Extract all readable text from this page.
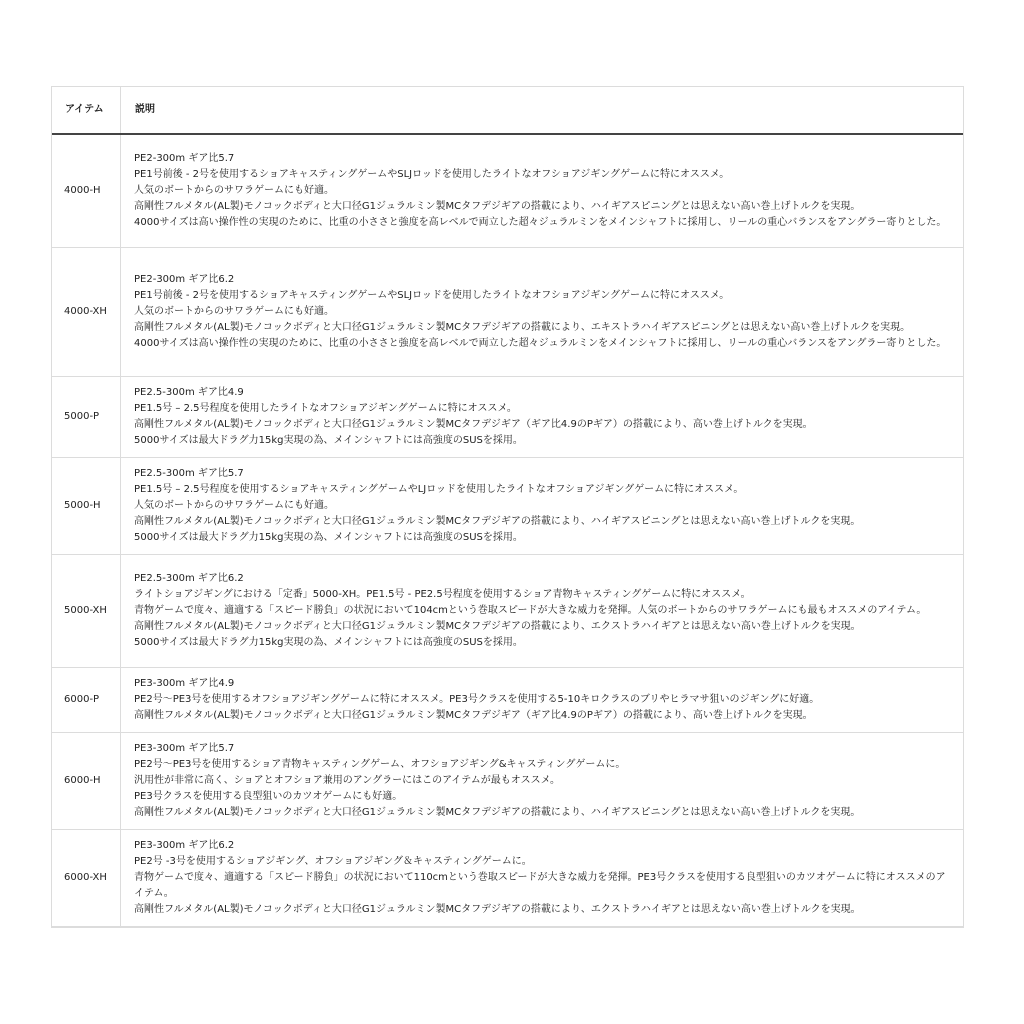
アイテム	説明

4000-H	PE2-300m ギア比5.7
PE1号前後 - 2号を使用するショアキャスティングゲームやSLJロッドを使用したライトなオフショアジギングゲームに特にオススメ。
人気のボートからのサワラゲームにも好適。
高剛性フルメタル(AL製)モノコックボディと大口径G1ジュラルミン製MCタフデジギアの搭載により、ハイギアスピニングとは思えない高い巻上げトルクを実現。
4000サイズは高い操作性の実現のために、比重の小ささと強度を高レベルで両立した超々ジュラルミンをメインシャフトに採用し、リールの重心バランスをアングラー寄りとした。

4000-XH	PE2-300m ギア比6.2
PE1号前後 - 2号を使用するショアキャスティングゲームやSLJロッドを使用したライトなオフショアジギングゲームに特にオススメ。
人気のボートからのサワラゲームにも好適。
高剛性フルメタル(AL製)モノコックボディと大口径G1ジュラルミン製MCタフデジギアの搭載により、エキストラハイギアスピニングとは思えない高い巻上げトルクを実現。
4000サイズは高い操作性の実現のために、比重の小ささと強度を高レベルで両立した超々ジュラルミンをメインシャフトに採用し、リールの重心バランスをアングラー寄りとした。

5000-P	PE2.5-300m ギア比4.9
PE1.5号 – 2.5号程度を使用したライトなオフショアジギングゲームに特にオススメ。
高剛性フルメタル(AL製)モノコックボディと大口径G1ジュラルミン製MCタフデジギア（ギア比4.9のPギア）の搭載により、高い巻上げトルクを実現。
5000サイズは最大ドラグ力15kg実現の為、メインシャフトには高強度のSUSを採用。

5000-H	PE2.5-300m ギア比5.7
PE1.5号 – 2.5号程度を使用するショアキャスティングゲームやLJロッドを使用したライトなオフショアジギングゲームに特にオススメ。
人気のボートからのサワラゲームにも好適。
高剛性フルメタル(AL製)モノコックボディと大口径G1ジュラルミン製MCタフデジギアの搭載により、ハイギアスピニングとは思えない高い巻上げトルクを実現。
5000サイズは最大ドラグ力15kg実現の為、メインシャフトには高強度のSUSを採用。

5000-XH	PE2.5-300m ギア比6.2
ライトショアジギングにおける「定番」5000-XH。PE1.5号 - PE2.5号程度を使用するショア青物キャスティングゲームに特にオススメ。
青物ゲームで度々、適適する「スピード勝負」の状況において104cmという巻取スピードが大きな威力を発揮。人気のボートからのサワラゲームにも最もオススメのアイテム。
高剛性フルメタル(AL製)モノコックボディと大口径G1ジュラルミン製MCタフデジギアの搭載により、エクストラハイギアとは思えない高い巻上げトルクを実現。
5000サイズは最大ドラグ力15kg実現の為、メインシャフトには高強度のSUSを採用。

6000-P	PE3-300m ギア比4.9
PE2号〜PE3号を使用するオフショアジギングゲームに特にオススメ。PE3号クラスを使用する5-10キロクラスのブリやヒラマサ狙いのジギングに好適。
高剛性フルメタル(AL製)モノコックボディと大口径G1ジュラルミン製MCタフデジギア（ギア比4.9のPギア）の搭載により、高い巻上げトルクを実現。

6000-H	PE3-300m ギア比5.7
PE2号〜PE3号を使用するショア青物キャスティングゲーム、オフショアジギング&キャスティングゲームに。
汎用性が非常に高く、ショアとオフショア兼用のアングラーにはこのアイテムが最もオススメ。
PE3号クラスを使用する良型狙いのカツオゲームにも好適。
高剛性フルメタル(AL製)モノコックボディと大口径G1ジュラルミン製MCタフデジギアの搭載により、ハイギアスピニングとは思えない高い巻上げトルクを実現。

6000-XH	PE3-300m ギア比6.2
PE2号 -3号を使用するショアジギング、オフショアジギング＆キャスティングゲームに。
青物ゲームで度々、適適する「スピード勝負」の状況において110cmという巻取スピードが大きな威力を発揮。PE3号クラスを使用する良型狙いのカツオゲームに特にオススメのアイテム。
高剛性フルメタル(AL製)モノコックボディと大口径G1ジュラルミン製MCタフデジギアの搭載により、エクストラハイギアとは思えない高い巻上げトルクを実現。
